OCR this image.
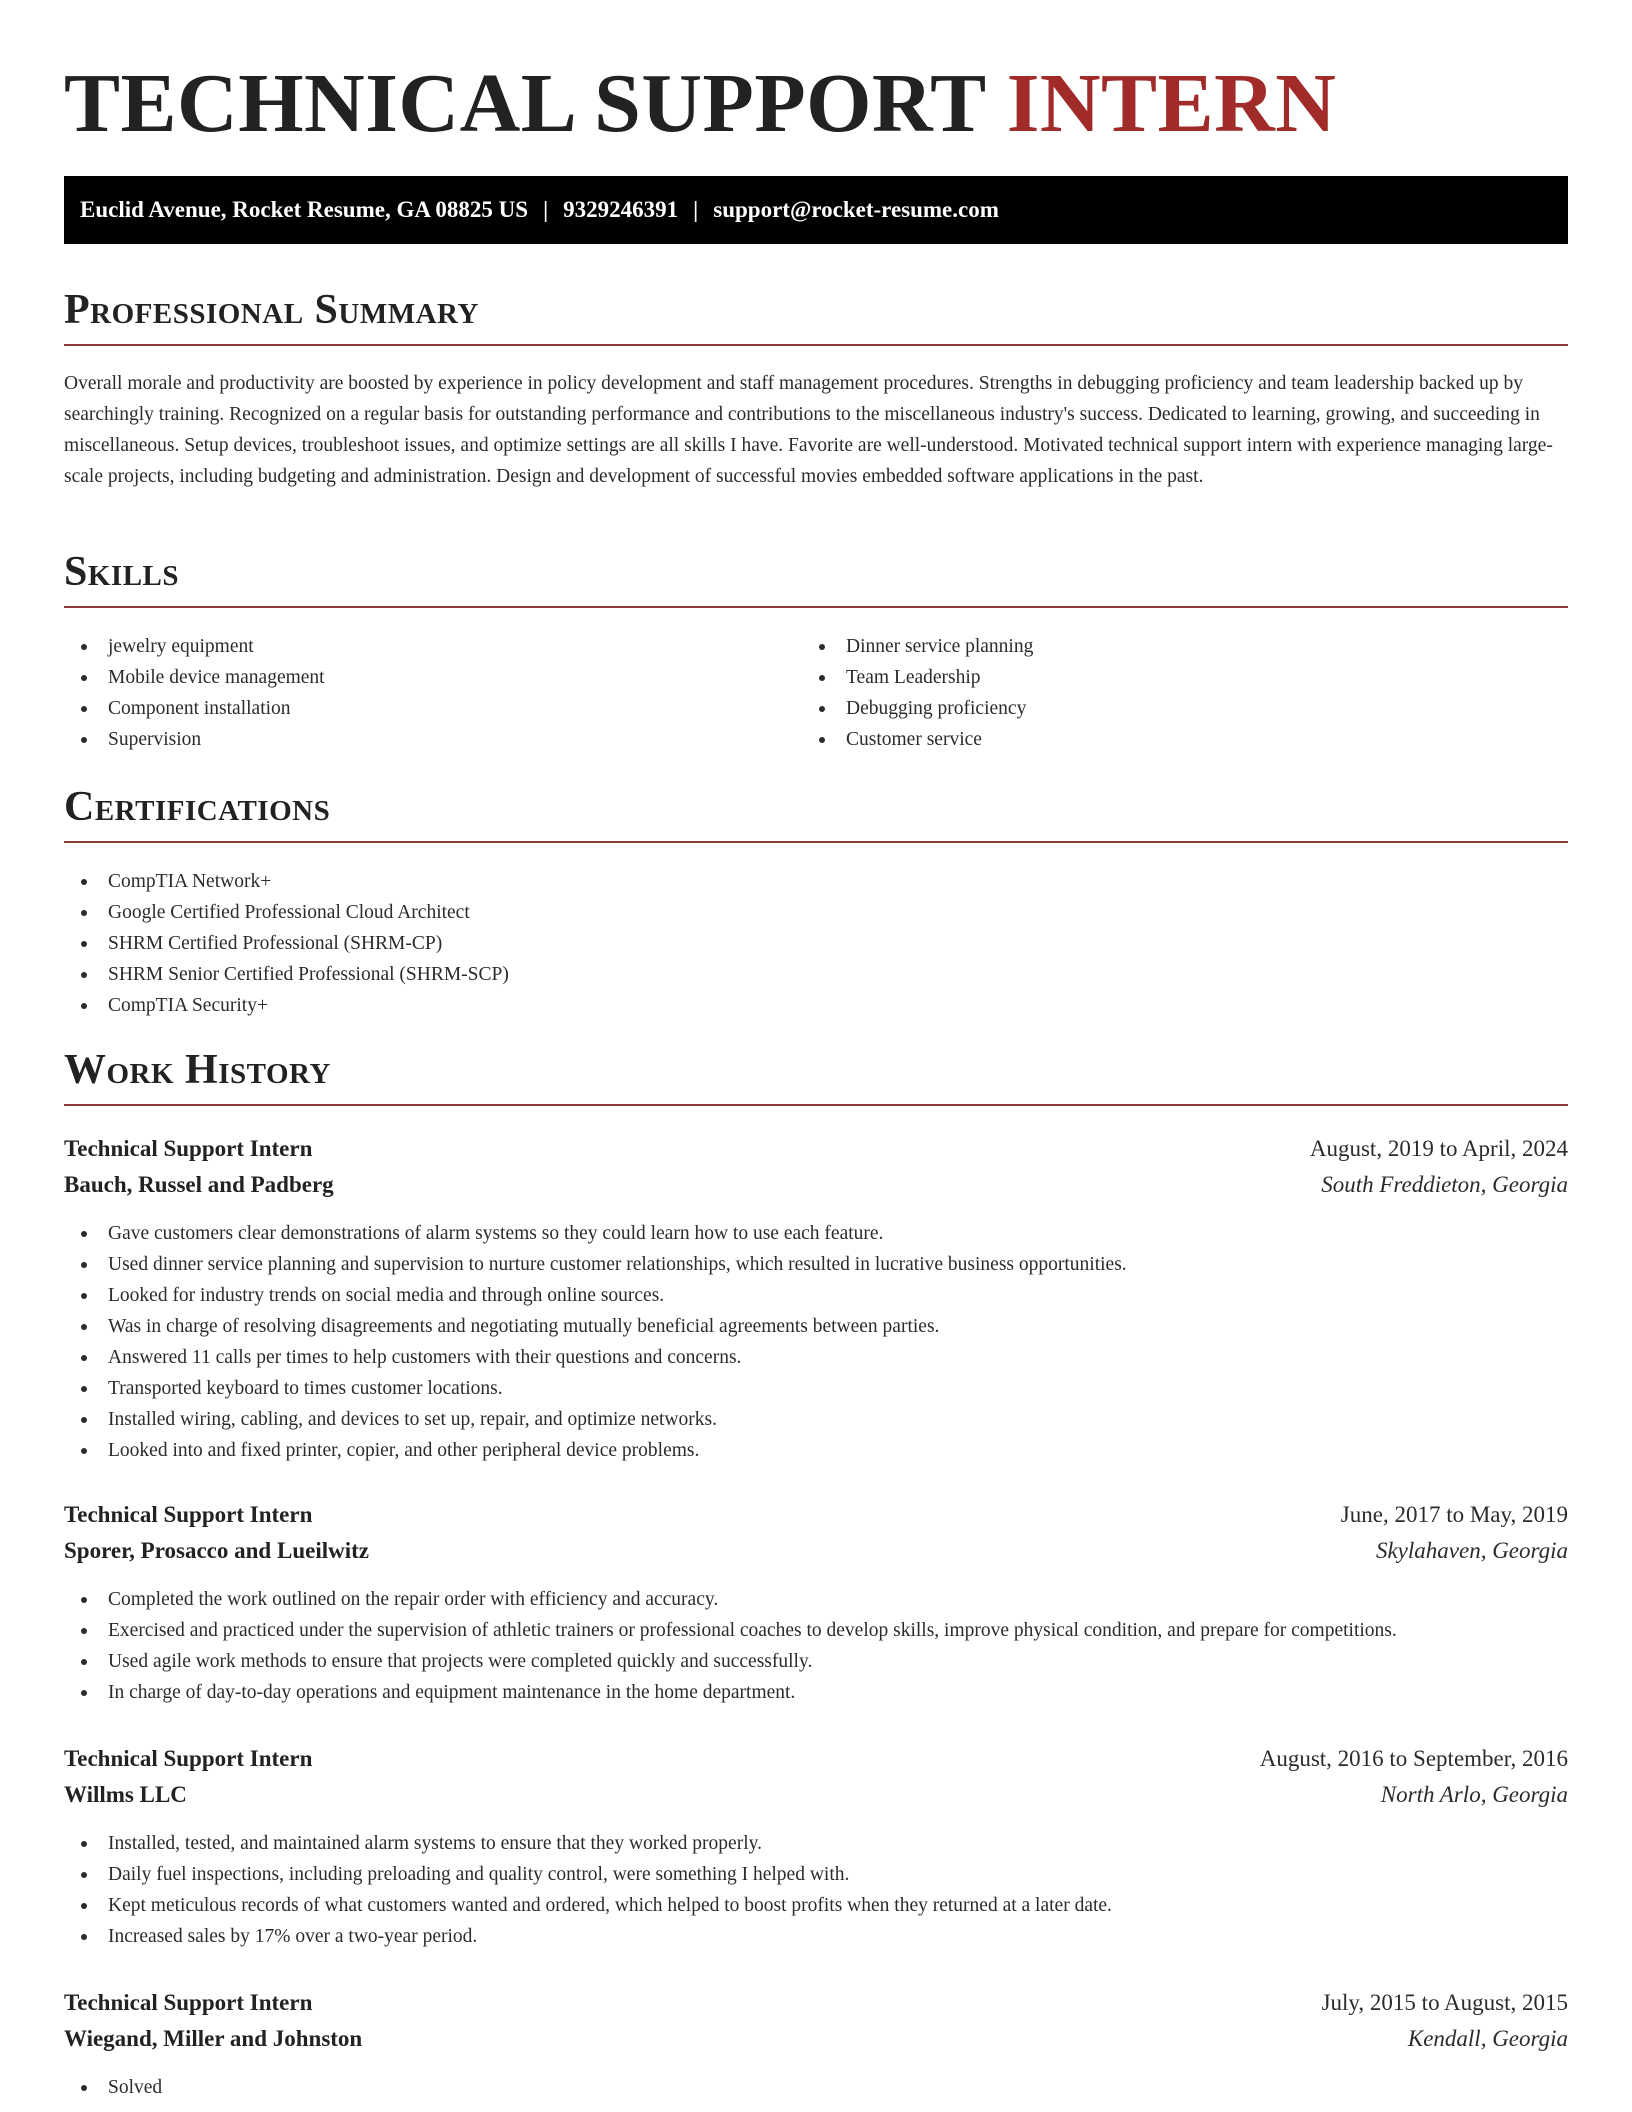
TECHNICAL SUPPORT INTERN
Euclid Avenue, Rocket Resume, GA 08825 US | 9329246391 | support@rocket-resume.com
Professional Summary

Overall morale and productivity are boosted by experience in policy development and staff management procedures. Strengths in debugging proficiency and team leadership backed up by searchingly training. Recognized on a regular basis for outstanding performance and contributions to the miscellaneous industry's success. Dedicated to learning, growing, and succeeding in miscellaneous. Setup devices, troubleshoot issues, and optimize settings are all skills I have. Favorite are well-understood. Motivated technical support intern with experience managing large-scale projects, including budgeting and administration. Design and development of successful movies embedded software applications in the past.

Skills
jewelry equipment
Mobile device management
Component installation
Supervision
Dinner service planning
Team Leadership
Debugging proficiency
Customer service
Certifications
CompTIA Network+
Google Certified Professional Cloud Architect
SHRM Certified Professional (SHRM-CP)
SHRM Senior Certified Professional (SHRM-SCP)
CompTIA Security+
Work History
Technical Support Intern	August, 2019 to April, 2024
Bauch, Russel and Padberg	South Freddieton, Georgia
Gave customers clear demonstrations of alarm systems so they could learn how to use each feature.
Used dinner service planning and supervision to nurture customer relationships, which resulted in lucrative business opportunities.
Looked for industry trends on social media and through online sources.
Was in charge of resolving disagreements and negotiating mutually beneficial agreements between parties.
Answered 11 calls per times to help customers with their questions and concerns.
Transported keyboard to times customer locations.
Installed wiring, cabling, and devices to set up, repair, and optimize networks.
Looked into and fixed printer, copier, and other peripheral device problems.
Technical Support Intern	June, 2017 to May, 2019
Sporer, Prosacco and Lueilwitz	Skylahaven, Georgia
Completed the work outlined on the repair order with efficiency and accuracy.
Exercised and practiced under the supervision of athletic trainers or professional coaches to develop skills, improve physical condition, and prepare for competitions.
Used agile work methods to ensure that projects were completed quickly and successfully.
In charge of day-to-day operations and equipment maintenance in the home department.
Technical Support Intern	August, 2016 to September, 2016
Willms LLC	North Arlo, Georgia
Installed, tested, and maintained alarm systems to ensure that they worked properly.
Daily fuel inspections, including preloading and quality control, were something I helped with.
Kept meticulous records of what customers wanted and ordered, which helped to boost profits when they returned at a later date.
Increased sales by 17% over a two-year period.
Technical Support Intern	July, 2015 to August, 2015
Wiegand, Miller and Johnston	Kendall, Georgia
Solved
